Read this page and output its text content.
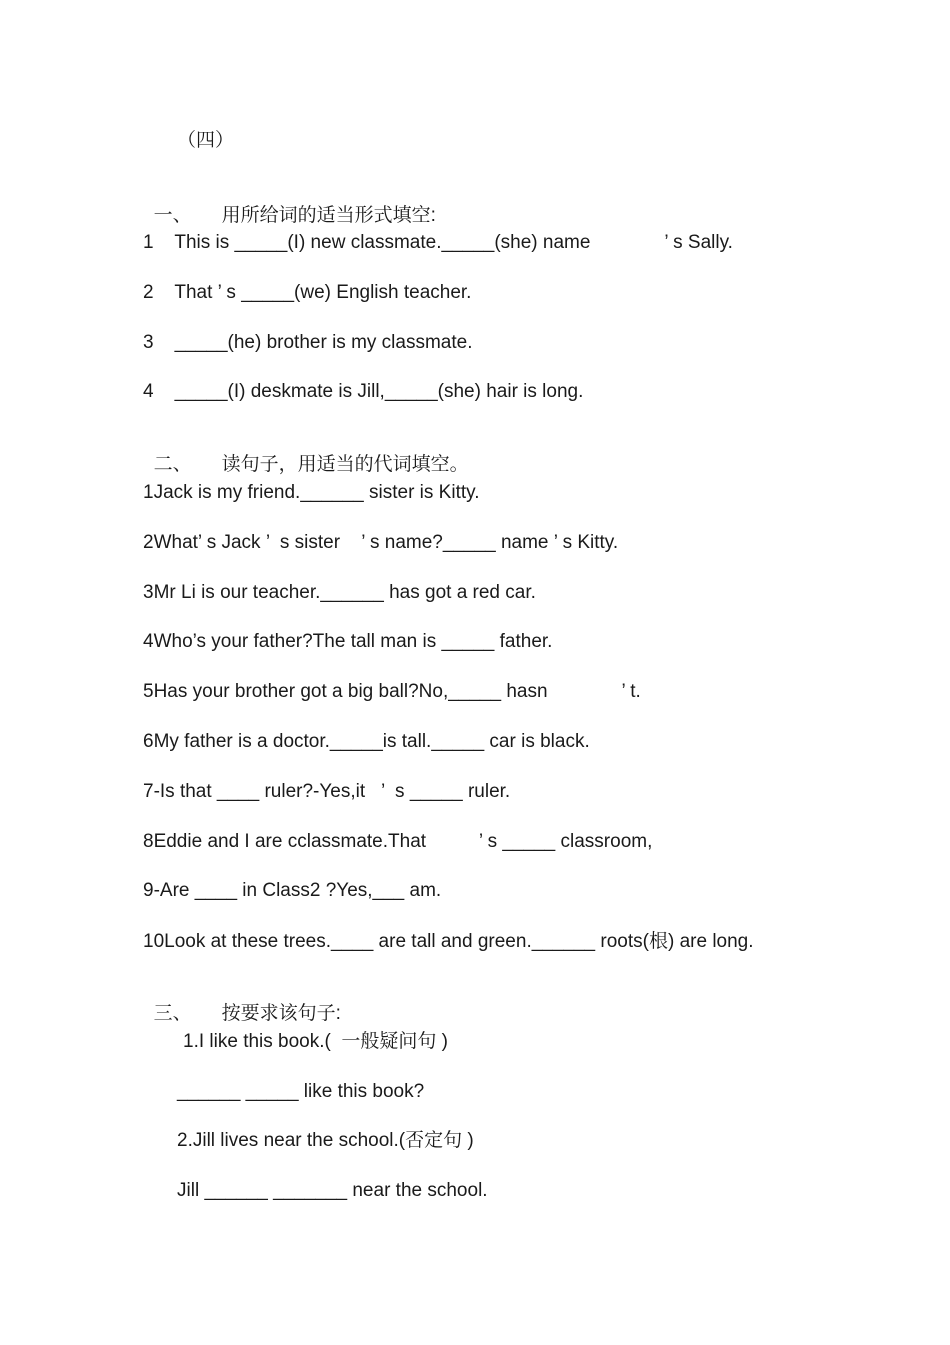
（四）

一、 用所给词的适当形式填空:

1    This is _____(I) new classmate._____(she) name              ’ s Sally.
2    That ’ s _____(we) English teacher.
3    _____(he) brother is my classmate.
4    _____(I) deskmate is Jill,_____(she) hair is long.

二、 读句子，用适当的代词填空。

1Jack is my friend.______ sister is Kitty.
2What’ s Jack ’  s sister    ’ s name?_____ name ’ s Kitty.
3Mr Li is our teacher.______ has got a red car.
4Who’s your father?The tall man is _____ father.
5Has your brother got a big ball?No,_____ hasn              ’ t.
6My father is a doctor._____is tall._____ car is black.
7-Is that ____ ruler?-Yes,it   ’  s _____ ruler.
8Eddie and I are cclassmate.That          ’ s _____ classroom,
9-Are ____ in Class2 ?Yes,___ am.
10Look at these trees.____ are tall and green.______ roots(根) are long.

三、 按要求该句子:

1.I like this book.(  一般疑问句 )
______ _____ like this book?
2.Jill lives near the school.(否定句 )
Jill ______ _______ near the school.
